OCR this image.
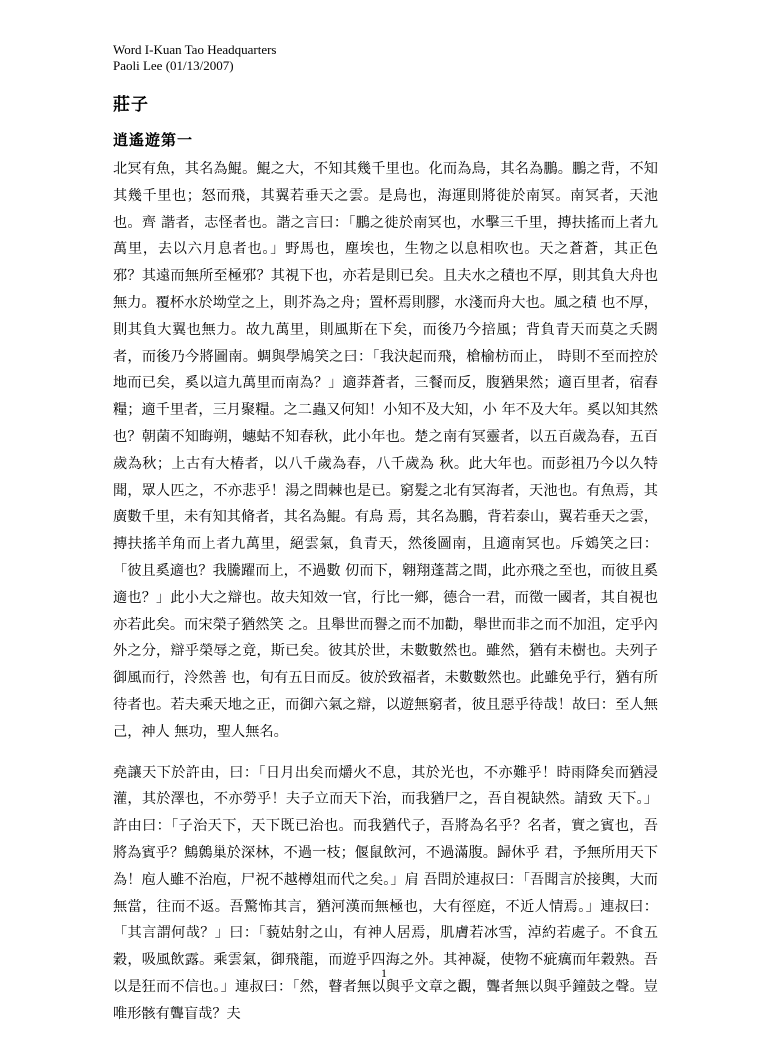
Word I-Kuan Tao Headquarters
Paoli Lee (01/13/2007)
莊子
逍遙遊第一

北冥有魚，其名為鯤。鯤之大，不知其幾千里也。化而為鳥，其名為鵬。鵬之背，不知其幾千里也；怒而飛，其翼若垂天之雲。是鳥也，海運則將徙於南冥。南冥者，天池也。齊 諧者，志怪者也。諧之言曰：「鵬之徙於南冥也，水擊三千里，摶扶搖而上者九萬里，去以六月息者也。」野馬也，塵埃也，生物之以息相吹也。天之蒼蒼，其正色 邪？其遠而無所至極邪？其視下也，亦若是則已矣。且夫水之積也不厚，則其負大舟也無力。覆杯水於坳堂之上，則芥為之舟；置杯焉則膠，水淺而舟大也。風之積 也不厚，則其負大翼也無力。故九萬里，則風斯在下矣，而後乃今掊風；背負青天而莫之夭閼者，而後乃今將圖南。蜩與學鳩笑之曰：「我決起而飛，槍榆枋而止， 時則不至而控於地而已矣，奚以這九萬里而南為？」適莽蒼者，三餐而反，腹猶果然；適百里者，宿舂糧；適千里者，三月聚糧。之二蟲又何知！小知不及大知，小 年不及大年。奚以知其然也？朝菌不知晦朔，蟪蛄不知春秋，此小年也。楚之南有冥靈者，以五百歲為春，五百歲為秋；上古有大椿者，以八千歲為春，八千歲為 秋。此大年也。而彭祖乃今以久特聞，眾人匹之，不亦悲乎！湯之問棘也是已。窮髮之北有冥海者，天池也。有魚焉，其廣數千里，未有知其脩者，其名為鯤。有鳥 焉，其名為鵬，背若泰山，翼若垂天之雲，摶扶搖羊角而上者九萬里，絕雲氣，負青天，然後圖南，且適南冥也。斥鴳笑之曰：「彼且奚適也？我騰躍而上，不過數 仞而下，翱翔蓬蒿之間，此亦飛之至也，而彼且奚適也？」此小大之辯也。故夫知效一官，行比一鄉，德合一君，而徵一國者，其自視也亦若此矣。而宋榮子猶然笑 之。且舉世而譽之而不加勸，舉世而非之而不加沮，定乎內外之分，辯乎榮辱之竟，斯已矣。彼其於世，未數數然也。雖然，猶有未樹也。夫列子御風而行，泠然善 也，旬有五日而反。彼於致福者，未數數然也。此雖免乎行，猶有所待者也。若夫乘天地之正，而御六氣之辯，以遊無窮者，彼且惡乎待哉！故曰：至人無己，神人 無功，聖人無名。

堯讓天下於許由，曰：「日月出矣而爝火不息，其於光也，不亦難乎！時雨降矣而猶浸灌，其於澤也，不亦勞乎！夫子立而天下治，而我猶尸之，吾自視缺然。請致 天下。」許由曰：「子治天下，天下既已治也。而我猶代子，吾將為名乎？名者，實之賓也，吾將為賓乎？鷦鷯巢於深林，不過一枝；偃鼠飲河，不過滿腹。歸休乎 君，予無所用天下為！庖人雖不治庖，尸祝不越樽俎而代之矣。」肩 吾問於連叔曰：「吾聞言於接輿，大而無當，往而不返。吾驚怖其言，猶河漢而無極也，大有徑庭，不近人情焉。」連叔曰：「其言謂何哉？」曰：「藐姑射之山，有神人居焉，肌膚若冰雪，淖約若處子。不食五穀，吸風飲露。乘雲氣，御飛龍，而遊乎四海之外。其神凝，使物不疵癘而年穀熟。吾以是狂而不信也。」連叔曰：「然，瞽者無以與乎文章之觀，聾者無以與乎鐘鼓之聲。豈唯形骸有聾盲哉？夫

1
